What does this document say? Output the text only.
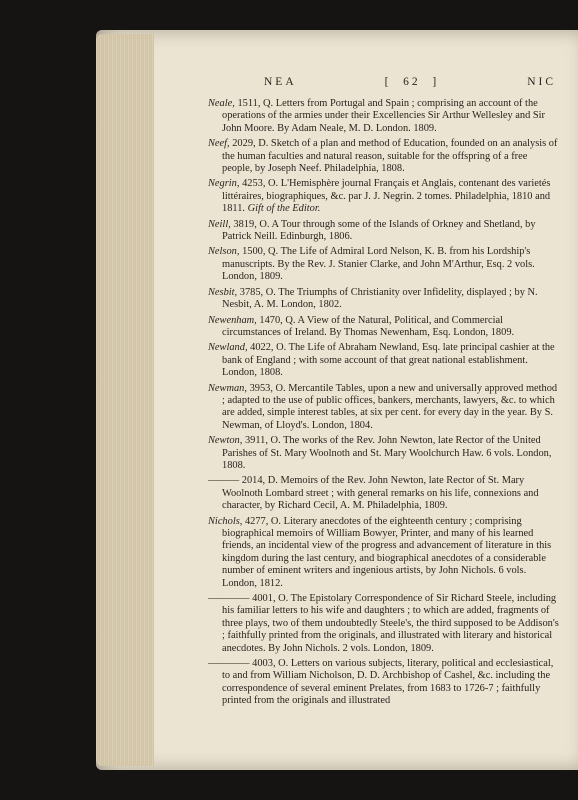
NEA	[  62  ]	NIC

Neale, 1511, Q. Letters from Portugal and Spain ; comprising an account of the operations of the armies under their Excellencies Sir Arthur Wellesley and Sir John Moore. By Adam Neale, M. D. London. 1809.

Neef, 2029, D. Sketch of a plan and method of Education, founded on an analysis of the human faculties and natural reason, suitable for the offspring of a free people, by Joseph Neef. Philadelphia, 1808.

Negrin, 4253, O. L'Hemisphère journal Français et Anglais, contenant des varietés littéraires, biographiques, &c. par J. J. Negrin. 2 tomes. Philadelphia, 1810 and 1811. Gift of the Editor.

Neill, 3819, O. A Tour through some of the Islands of Orkney and Shetland, by Patrick Neill. Edinburgh, 1806.

Nelson, 1500, Q. The Life of Admiral Lord Nelson, K. B. from his Lordship's manuscripts. By the Rev. J. Stanier Clarke, and John M'Arthur, Esq. 2 vols. London, 1809.

Nesbit, 3785, O. The Triumphs of Christianity over Infidelity, displayed ; by N. Nesbit, A. M. London, 1802.

Newenham, 1470, Q. A View of the Natural, Political, and Commercial circumstances of Ireland. By Thomas Newenham, Esq. London, 1809.

Newland, 4022, O. The Life of Abraham Newland, Esq. late principal cashier at the bank of England ; with some account of that great national establishment. London, 1808.

Newman, 3953, O. Mercantile Tables, upon a new and universally approved method ; adapted to the use of public offices, bankers, merchants, lawyers, &c. to which are added, simple interest tables, at six per cent. for every day in the year. By S. Newman, of Lloyd's. London, 1804.

Newton, 3911, O. The works of the Rev. John Newton, late Rector of the United Parishes of St. Mary Woolnoth and St. Mary Woolchurch Haw. 6 vols. London, 1808.

——— 2014, D. Memoirs of the Rev. John Newton, late Rector of St. Mary Woolnoth Lombard street ; with general remarks on his life, connexions and character, by Richard Cecil, A. M. Philadelphia, 1809.

Nichols, 4277, O. Literary anecdotes of the eighteenth century ; comprising biographical memoirs of William Bowyer, Printer, and many of his learned friends, an incidental view of the progress and advancement of literature in this kingdom during the last century, and biographical anecdotes of a considerable number of eminent writers and ingenious artists, by John Nichols. 6 vols. London, 1812.

———— 4001, O. The Epistolary Correspondence of Sir Richard Steele, including his familiar letters to his wife and daughters ; to which are added, fragments of three plays, two of them undoubtedly Steele's, the third supposed to be Addison's ; faithfully printed from the originals, and illustrated with literary and historical anecdotes. By John Nichols. 2 vols. London, 1809.

———— 4003, O. Letters on various subjects, literary, political and ecclesiastical, to and from William Nicholson, D. D. Archbishop of Cashel, &c. including the correspondence of several eminent Prelates, from 1683 to 1726-7 ; faithfully printed from the originals and illustrated
